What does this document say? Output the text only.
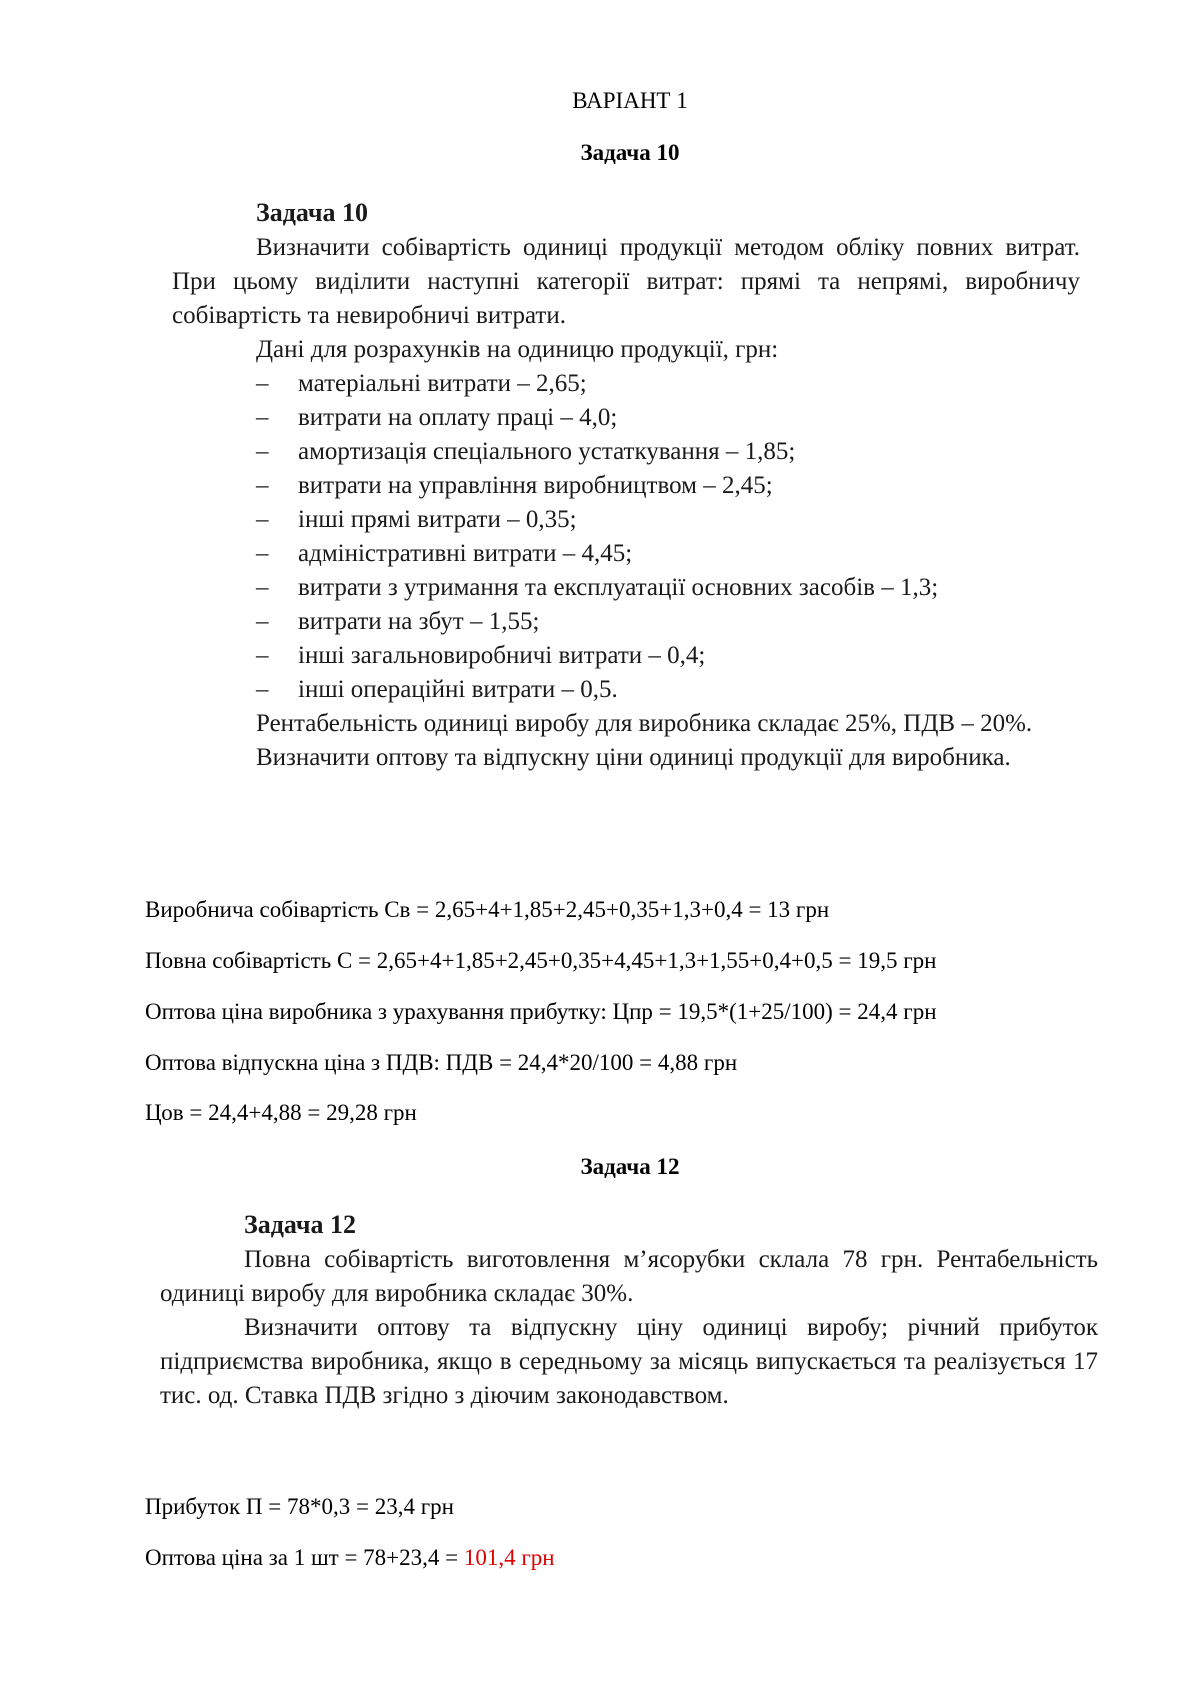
ВАРІАНТ 1
Задача 10

Задача 10

Визначити собівартість одиниці продукції методом обліку повних витрат. При цьому виділити наступні категорії витрат: прямі та непрямі, виробничу собівартість та невиробничі витрати.

Дані для розрахунків на одиницю продукції, грн:

– матеріальні витрати – 2,65;
– витрати на оплату праці – 4,0;
– амортизація спеціального устаткування – 1,85;
– витрати на управління виробництвом – 2,45;
– інші прямі витрати – 0,35;
– адміністративні витрати – 4,45;
– витрати з утримання та експлуатації основних засобів – 1,3;
– витрати на збут – 1,55;
– інші загальновиробничі витрати – 0,4;
– інші операційні витрати – 0,5.

Рентабельність одиниці виробу для виробника складає 25%, ПДВ – 20%.

Визначити оптову та відпускну ціни одиниці продукції для виробника.

Виробнича собівартість Св = 2,65+4+1,85+2,45+0,35+1,3+0,4 = 13 грн
Повна собівартість С = 2,65+4+1,85+2,45+0,35+4,45+1,3+1,55+0,4+0,5 = 19,5 грн
Оптова ціна виробника з урахування прибутку: Цпр = 19,5*(1+25/100) = 24,4 грн
Оптова відпускна ціна з ПДВ: ПДВ = 24,4*20/100 = 4,88 грн
Цов = 24,4+4,88 = 29,28 грн
Задача 12

Задача 12

Повна собівартість виготовлення м’ясорубки склала 78 грн. Рентабельність одиниці виробу для виробника складає 30%.

Визначити оптову та відпускну ціну одиниці виробу; річний прибуток підприємства виробника, якщо в середньому за місяць випускається та реалізується 17 тис. од. Ставка ПДВ згідно з діючим законодавством.

Прибуток П = 78*0,3 = 23,4 грн
Оптова ціна за 1 шт = 78+23,4 = 101,4 грн
